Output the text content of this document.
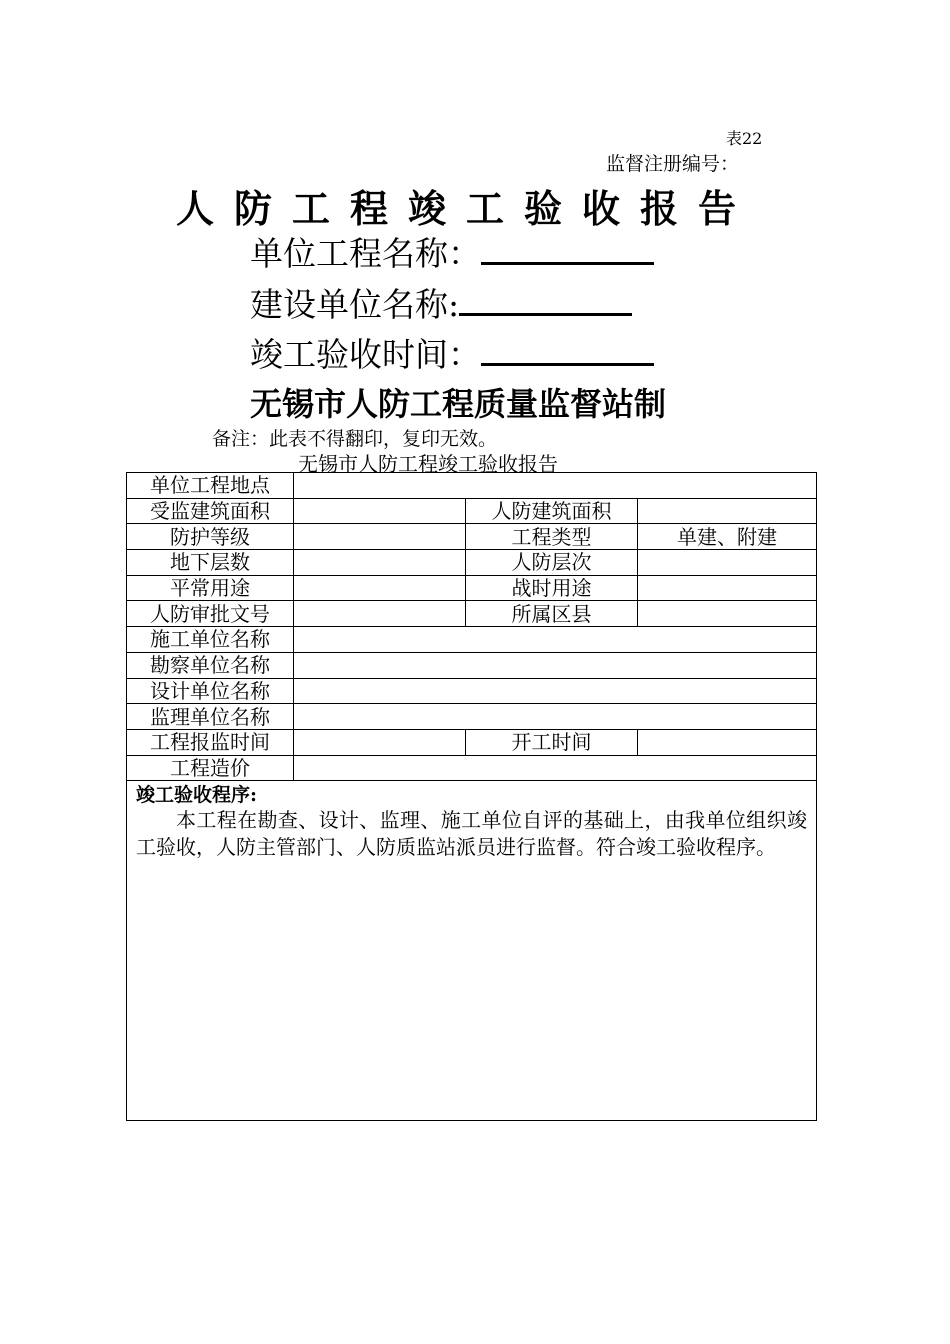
表22
监督注册编号：
人防工程竣工验收报告
单位工程名称：
建设单位名称:
竣工验收时间：
无锡市人防工程质量监督站制
备注：此表不得翻印，复印无效。
无锡市人防工程竣工验收报告
单位工程地点			
受监建筑面积		人防建筑面积	
防护等级		工程类型	单建、附建
地下层数		人防层次	
平常用途		战时用途	
人防审批文号		所属区县	
施工单位名称			
勘察单位名称			
设计单位名称			
监理单位名称			
工程报监时间		开工时间	
工程造价			

竣工验收程序:
本工程在勘查、设计、监理、施工单位自评的基础上，由我单位组织竣工验收，人防主管部门、人防质监站派员进行监督。符合竣工验收程序。			
